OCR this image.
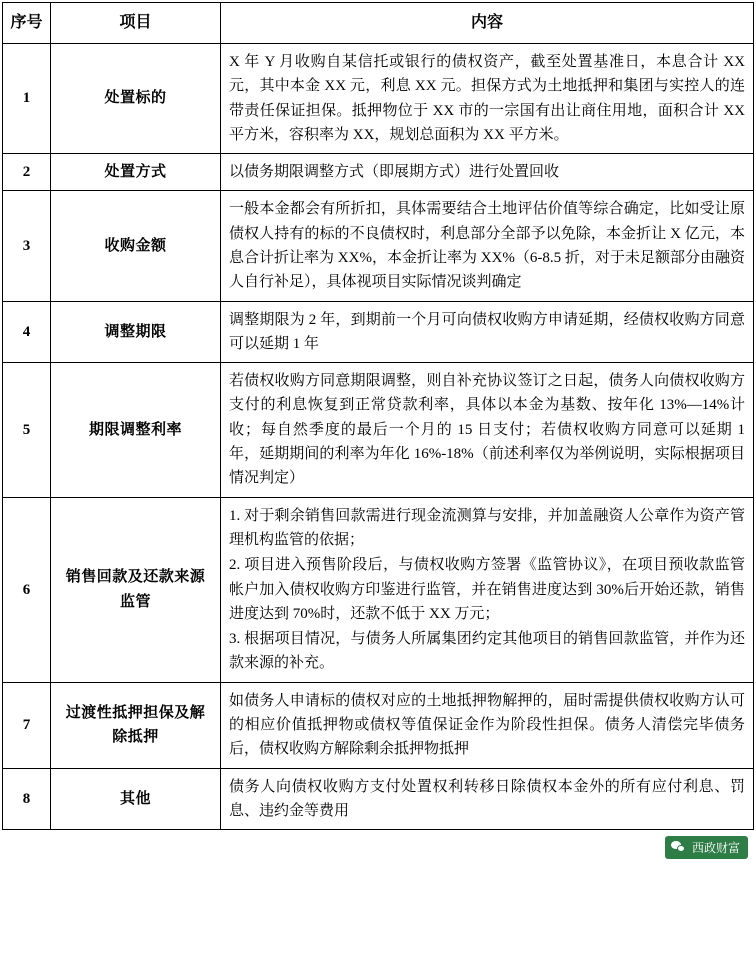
序号	项目	内容
1	处置标的	X 年 Y 月收购自某信托或银行的债权资产，截至处置基准日，本息合计 XX 元，其中本金 XX 元，利息 XX 元。担保方式为土地抵押和集团与实控人的连带责任保证担保。抵押物位于 XX 市的一宗国有出让商住用地，面积合计 XX 平方米，容积率为 XX，规划总面积为 XX 平方米。

2	处置方式	以债务期限调整方式（即展期方式）进行处置回收

3	收购金额	一般本金都会有所折扣，具体需要结合土地评估价值等综合确定，比如受让原债权人持有的标的不良债权时，利息部分全部予以免除，本金折让 X 亿元，本息合计折让率为 XX%，本金折让率为 XX%（6-8.5 折，对于未足额部分由融资人自行补足），具体视项目实际情况谈判确定

4	调整期限	调整期限为 2 年，到期前一个月可向债权收购方申请延期，经债权收购方同意可以延期 1 年

5	期限调整利率	若债权收购方同意期限调整，则自补充协议签订之日起，债务人向债权收购方支付的利息恢复到正常贷款利率，具体以本金为基数、按年化 13%—14%计收；每自然季度的最后一个月的 15 日支付；若债权收购方同意可以延期 1 年，延期期间的利率为年化 16%-18%（前述利率仅为举例说明，实际根据项目情况判定）

6	销售回款及还款来源监管	1. 对于剩余销售回款需进行现金流测算与安排，并加盖融资人公章作为资产管理机构监管的依据；

2. 项目进入预售阶段后，与债权收购方签署《监管协议》，在项目预收款监管帐户加入债权收购方印鉴进行监管，并在销售进度达到 30%后开始还款，销售进度达到 70%时，还款不低于 XX 万元；

3. 根据项目情况，与债务人所属集团约定其他项目的销售回款监管，并作为还款来源的补充。

7	过渡性抵押担保及解除抵押	如债务人申请标的债权对应的土地抵押物解押的，届时需提供债权收购方认可的相应价值抵押物或债权等值保证金作为阶段性担保。债务人清偿完毕债务后，债权收购方解除剩余抵押物抵押

8	其他	债务人向债权收购方支付处置权利转移日除债权本金外的所有应付利息、罚息、违约金等费用

西政财富
